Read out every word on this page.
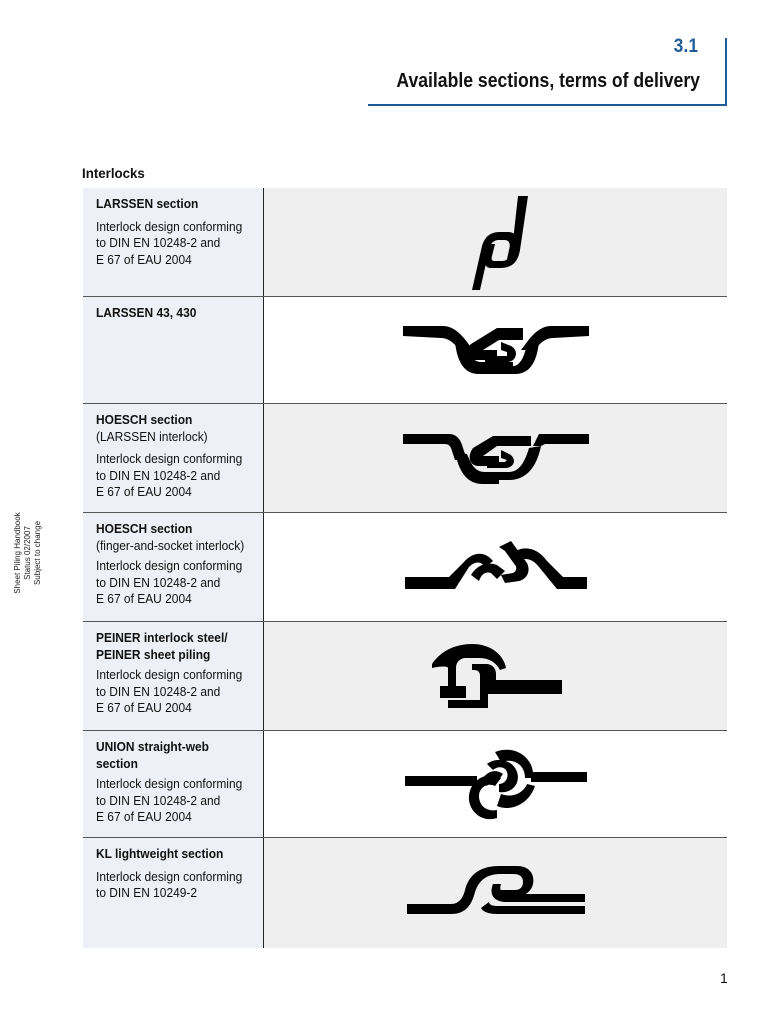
3.1
Available sections, terms of delivery
Sheet Piling Handbook Status 02/2007 Subject to change
Interlocks
LARSSEN section
Interlock design conforming
to DIN EN 10248-2 and
E 67 of EAU 2004
LARSSEN 43, 430
HOESCH section
(LARSSEN interlock)
Interlock design conforming
to DIN EN 10248-2 and
E 67 of EAU 2004
HOESCH section
(finger-and-socket interlock)
Interlock design conforming
to DIN EN 10248-2 and
E 67 of EAU 2004
PEINER interlock steel/
PEINER sheet piling
Interlock design conforming
to DIN EN 10248-2 and
E 67 of EAU 2004
UNION straight-web
section
Interlock design conforming
to DIN EN 10248-2 and
E 67 of EAU 2004
KL lightweight section
Interlock design conforming
to DIN EN 10249-2
1
